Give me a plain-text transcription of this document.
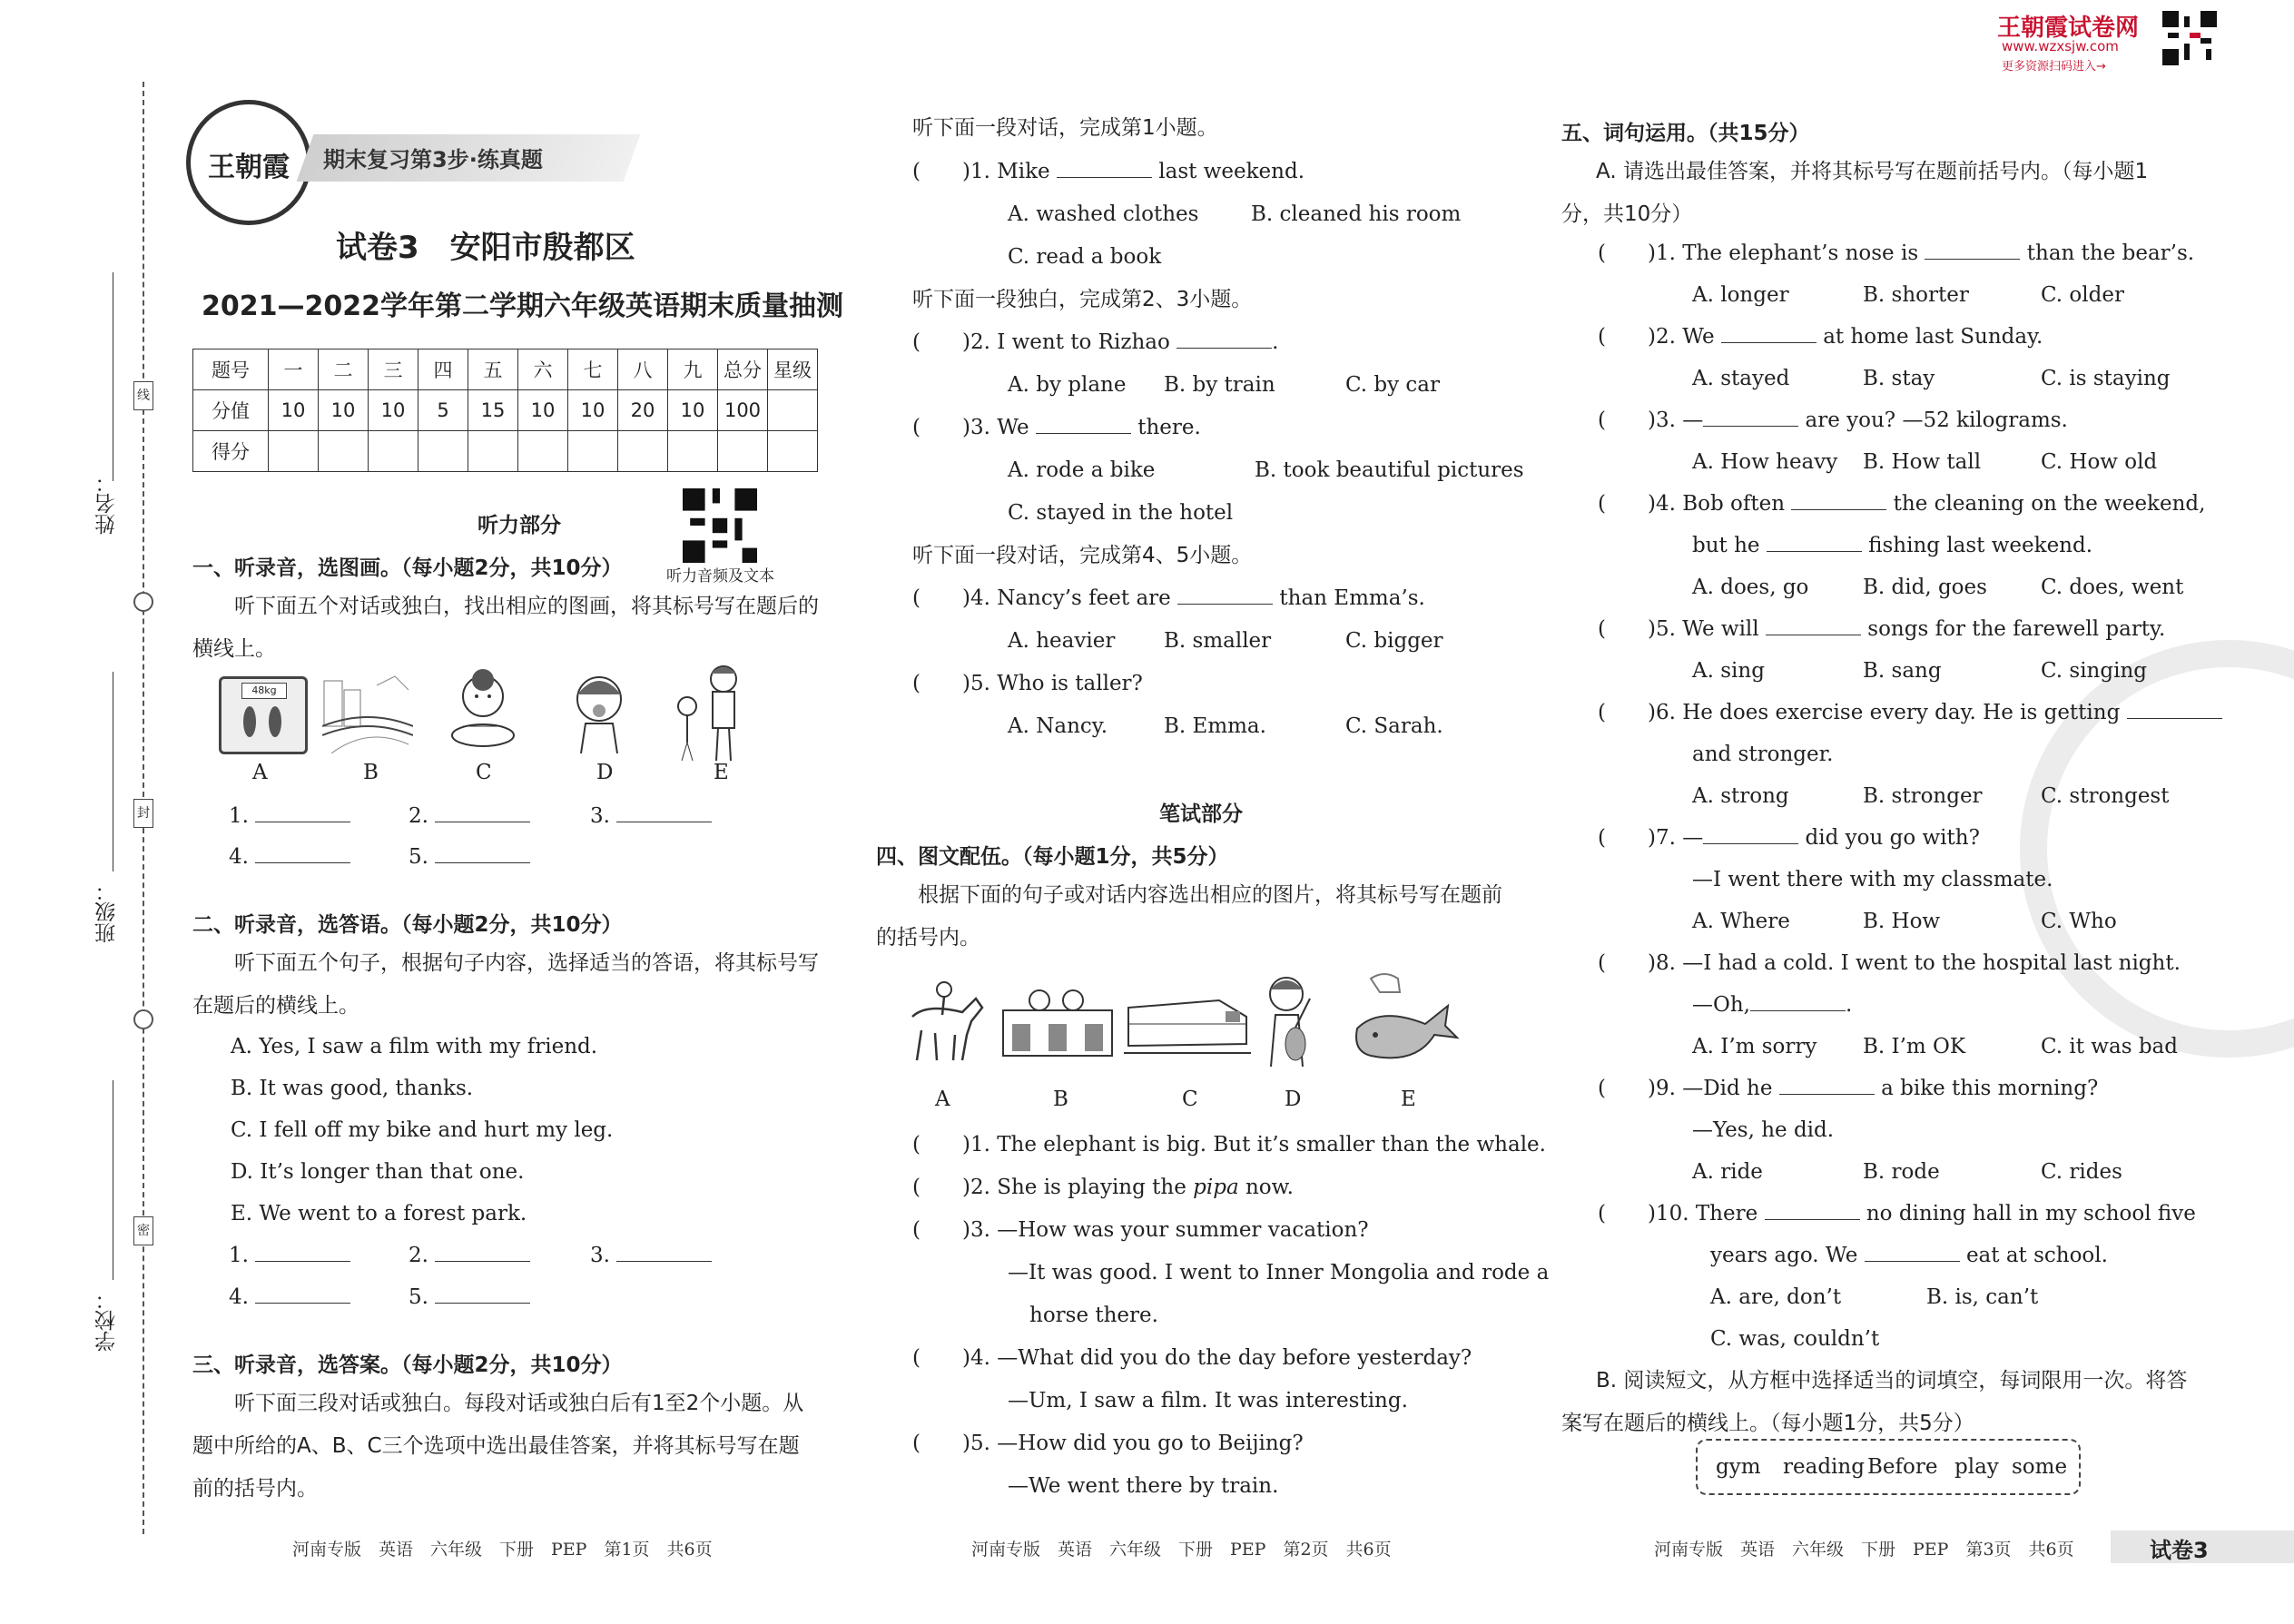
姓名：
班级：
学校：
线
封
密
王朝霞	期末复习第3步·练真题
王朝霞试卷网
www.wzxsjw.com
更多资源扫码进入→
试卷3　安阳市殷都区
2021—2022学年第二学期六年级英语期末质量抽测
题号	一	二	三	四	五	六	七	八	九	总分	星级
分值	10	10	10	5	15	10	10	20	10	100	
得分											
听力部分
听力音频及文本
一、听录音，选图画。（每小题2分，共10分）
听下面五个对话或独白，找出相应的图画，将其标号写在题后的横线上。
48kg
A	B	C	D	E
1.	2.	3.
4.	5.
二、听录音，选答语。（每小题2分，共10分）
听下面五个句子，根据句子内容，选择适当的答语，将其标号写在题后的横线上。
A. Yes, I saw a film with my friend.
B. It was good, thanks.
C. I fell off my bike and hurt my leg.
D. It’s longer than that one.
E. We went to a forest park.
1.	2.	3.
4.	5.
三、听录音，选答案。（每小题2分，共10分）
听下面三段对话或独白。每段对话或独白后有1至2个小题。从题中所给的A、B、C三个选项中选出最佳答案，并将其标号写在题前的括号内。
河南专版　英语　六年级　下册　PEP　第1页　共6页
听下面一段对话，完成第1小题。
(　　)1. Mike	last weekend.
A. washed clothes	B. cleaned his room
C. read a book
听下面一段独白，完成第2、3小题。
(　　)2. I went to Rizhao	.
A. by plane B. by train	C. by car
(　　)3. We	there.
A. rode a bike	B. took beautiful pictures
C. stayed in the hotel
听下面一段对话，完成第4、5小题。
(　　)4. Nancy’s feet are	than Emma’s.
A. heavier B. smaller	C. bigger
(　　)5. Who is taller?
A. Nancy.	B. Emma.	C. Sarah.
笔试部分
四、图文配伍。（每小题1分，共5分）
根据下面的句子或对话内容选出相应的图片，将其标号写在题前的括号内。
A	B	C	D	E
(　　)1. The elephant is big. But it’s smaller than the whale.
(　　)2. She is playing the pipa now.
(　　)3. —How was your summer vacation?
—It was good. I went to Inner Mongolia and rode a
horse there.
(　　)4. —What did you do the day before yesterday?
—Um, I saw a film. It was interesting.
(　　)5. —How did you go to Beijing?
—We went there by train.
河南专版　英语　六年级　下册　PEP　第2页　共6页
五、词句运用。（共15分）
A. 请选出最佳答案，并将其标号写在题前括号内。（每小题1分，共10分）
(　　)1. The elephant’s nose is	than the bear’s.
A. longer	B. shorter	C. older
(　　)2. We	at home last Sunday.
A. stayed	B. stay	C. is staying
(　　)3. —	are you? —52 kilograms.
A. How heavy B. How tall	C. How old
(　　)4. Bob often	the cleaning on the weekend,
but he	fishing last weekend.
A. does, go	B. did, goes	C. does, went
(　　)5. We will	songs for the farewell party.
A. sing	B. sang	C. singing
(　　)6. He does exercise every day. He is getting
and stronger.
A. strong	B. stronger	C. strongest
(　　)7. —	did you go with?
—I went there with my classmate.
A. Where	B. How	C. Who
(　　)8. —I had a cold. I went to the hospital last night.
—Oh,	.
A. I’m sorry B. I’m OK	C. it was bad
(　　)9. —Did he	a bike this morning?
—Yes, he did.
A. ride	B. rode	C. rides
(　　)10. There	no dining hall in my school five
years ago. We	eat at school.
A. are, don’t	B. is, can’t
C. was, couldn’t
B. 阅读短文，从方框中选择适当的词填空，每词限用一次。将答案写在题后的横线上。（每小题1分，共5分）
gym reading Before play some
河南专版　英语　六年级　下册　PEP　第3页　共6页	试卷3
